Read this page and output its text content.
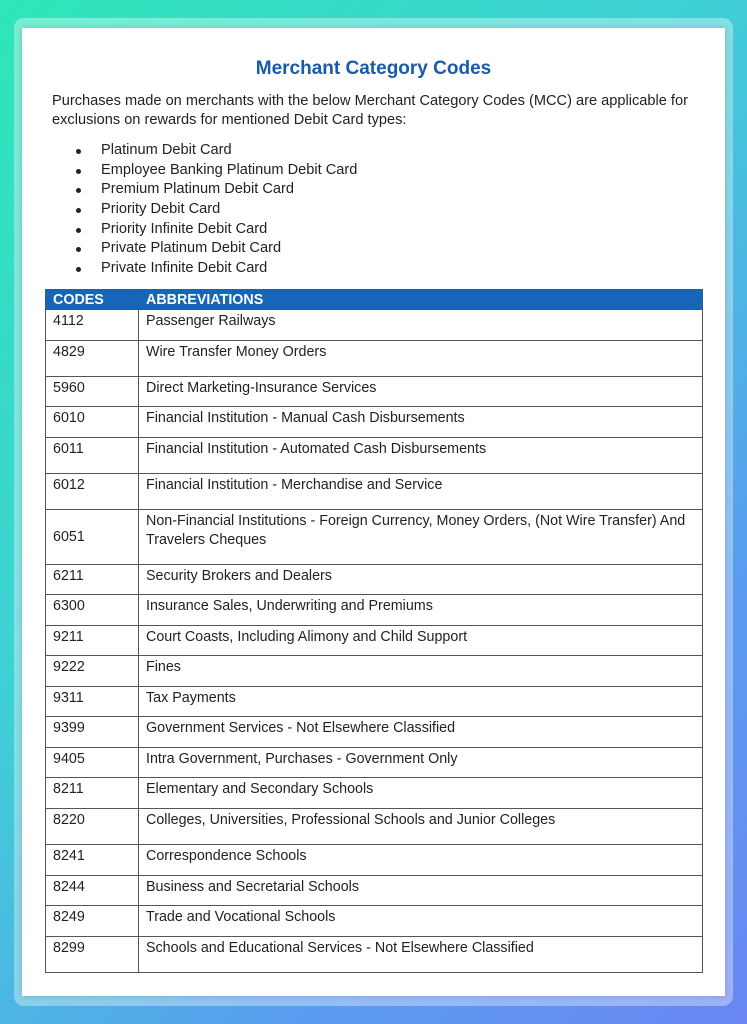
Merchant Category Codes
Purchases made on merchants with the below Merchant Category Codes (MCC) are applicable for exclusions on rewards for mentioned Debit Card types:
Platinum Debit Card
Employee Banking Platinum Debit Card
Premium Platinum Debit Card
Priority Debit Card
Priority Infinite Debit Card
Private Platinum Debit Card
Private Infinite Debit Card
CODES	ABBREVIATIONS
4112	Passenger Railways
4829	Wire Transfer Money Orders
5960	Direct Marketing-Insurance Services
6010	Financial Institution - Manual Cash Disbursements
6011	Financial Institution - Automated Cash Disbursements
6012	Financial Institution - Merchandise and Service
6051	Non-Financial Institutions - Foreign Currency, Money Orders, (Not Wire Transfer) And Travelers Cheques
6211	Security Brokers and Dealers
6300	Insurance Sales, Underwriting and Premiums
9211	Court Coasts, Including Alimony and Child Support
9222	Fines
9311	Tax Payments
9399	Government Services - Not Elsewhere Classified
9405	Intra Government, Purchases - Government Only
8211	Elementary and Secondary Schools
8220	Colleges, Universities, Professional Schools and Junior Colleges
8241	Correspondence Schools
8244	Business and Secretarial Schools
8249	Trade and Vocational Schools
8299	Schools and Educational Services - Not Elsewhere Classified
